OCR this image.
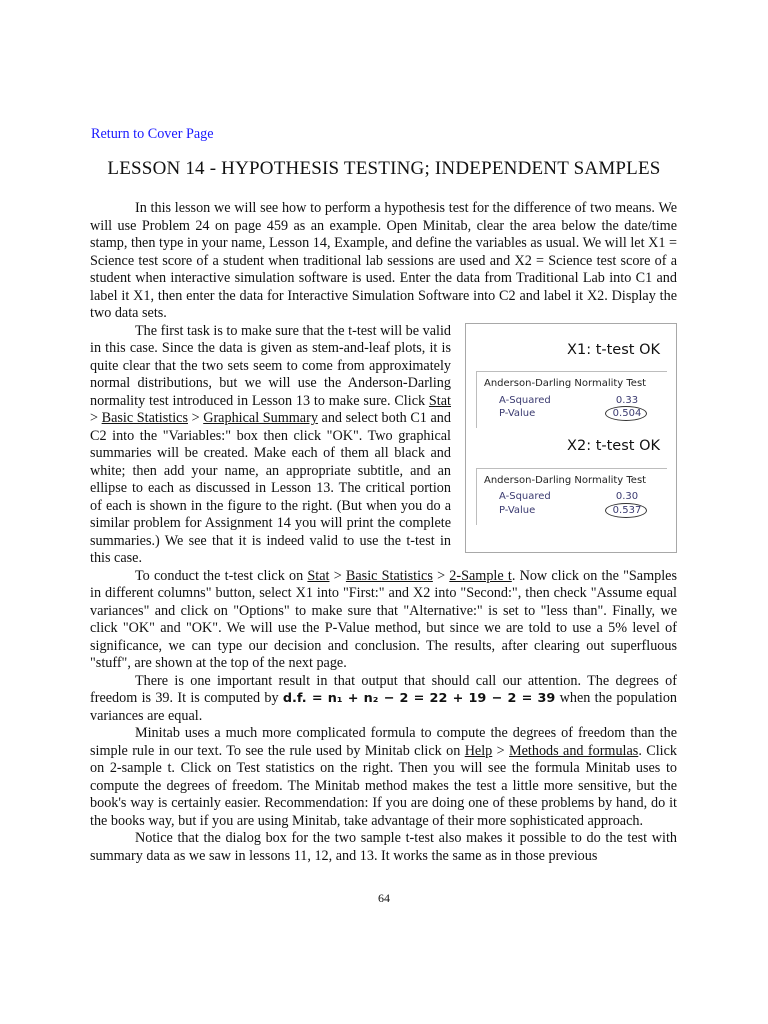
Return to Cover Page
LESSON 14 - HYPOTHESIS TESTING; INDEPENDENT SAMPLES

In this lesson we will see how to perform a hypothesis test for the difference of two means. We will use Problem 24 on page 459 as an example. Open Minitab, clear the area below the date/time stamp, then type in your name, Lesson 14, Example, and define the variables as usual. We will let X1 = Science test score of a student when traditional lab sessions are used and X2 = Science test score of a student when interactive simulation software is used. Enter the data from Traditional Lab into C1 and label it X1, then enter the data for Interactive Simulation Software into C2 and label it X2. Display the two data sets.

X1: t-test OK
Anderson-Darling Normality Test
A-Squared	0.33
P-Value	0.504
X2: t-test OK
Anderson-Darling Normality Test
A-Squared	0.30
P-Value	0.537

The first task is to make sure that the t-test will be valid in this case. Since the data is given as stem-and-leaf plots, it is quite clear that the two sets seem to come from approximately normal distributions, but we will use the Anderson-Darling normality test introduced in Lesson 13 to make sure. Click Stat > Basic Statistics > Graphical Summary and select both C1 and C2 into the "Variables:" box then click "OK". Two graphical summaries will be created. Make each of them all black and white; then add your name, an appropriate subtitle, and an ellipse to each as discussed in Lesson 13. The critical portion of each is shown in the figure to the right. (But when you do a similar problem for Assignment 14 you will print the complete summaries.) We see that it is indeed valid to use the t-test in this case.

To conduct the t-test click on Stat > Basic Statistics > 2-Sample t. Now click on the "Samples in different columns" button, select X1 into "First:" and X2 into "Second:", then check "Assume equal variances" and click on "Options" to make sure that "Alternative:" is set to "less than". Finally, we click "OK" and "OK". We will use the P-Value method, but since we are told to use a 5% level of significance, we can type our decision and conclusion. The results, after clearing out superfluous "stuff", are shown at the top of the next page.

There is one important result in that output that should call our attention. The degrees of freedom is 39. It is computed by d.f. = n₁ + n₂ − 2 = 22 + 19 − 2 = 39 when the population variances are equal.

Minitab uses a much more complicated formula to compute the degrees of freedom than the simple rule in our text. To see the rule used by Minitab click on Help > Methods and formulas. Click on 2-sample t. Click on Test statistics on the right. Then you will see the formula Minitab uses to compute the degrees of freedom. The Minitab method makes the test a little more sensitive, but the book's way is certainly easier. Recommendation: If you are doing one of these problems by hand, do it the books way, but if you are using Minitab, take advantage of their more sophisticated approach.

Notice that the dialog box for the two sample t-test also makes it possible to do the test with summary data as we saw in lessons 11, 12, and 13. It works the same as in those previous

64
